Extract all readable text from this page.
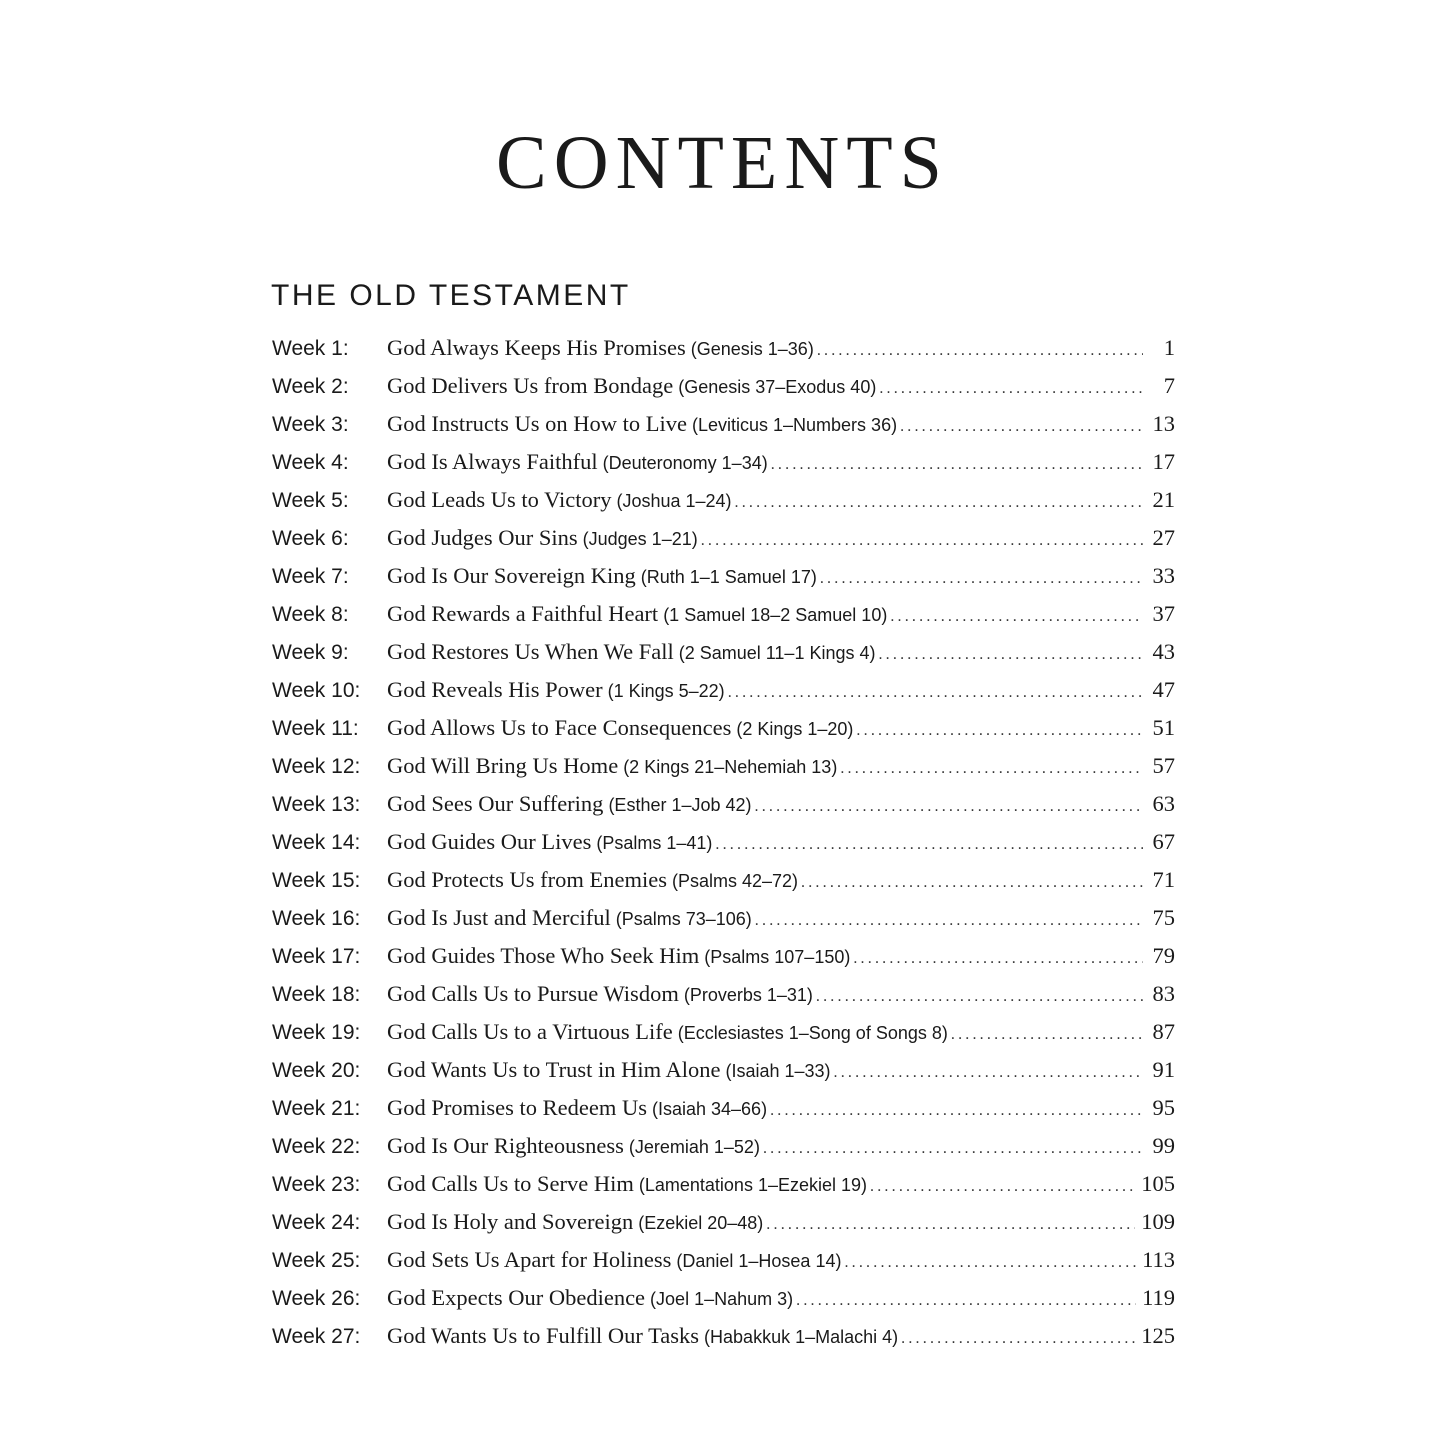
CONTENTS
THE OLD TESTAMENT
Week 1:	God Always Keeps His Promises (Genesis 1–36) .....	1
Week 2:	God Delivers Us from Bondage (Genesis 37–Exodus 40) .....	7
Week 3:	God Instructs Us on How to Live (Leviticus 1–Numbers 36) .....	13
Week 4:	God Is Always Faithful (Deuteronomy 1–34) .....	17
Week 5:	God Leads Us to Victory (Joshua 1–24) .....	21
Week 6:	God Judges Our Sins (Judges 1–21) .....	27
Week 7:	God Is Our Sovereign King (Ruth 1–1 Samuel 17) .....	33
Week 8:	God Rewards a Faithful Heart (1 Samuel 18–2 Samuel 10) .....	37
Week 9:	God Restores Us When We Fall (2 Samuel 11–1 Kings 4) .....	43
Week 10:	God Reveals His Power (1 Kings 5–22) .....	47
Week 11:	God Allows Us to Face Consequences (2 Kings 1–20) .....	51
Week 12:	God Will Bring Us Home (2 Kings 21–Nehemiah 13) .....	57
Week 13:	God Sees Our Suffering (Esther 1–Job 42) .....	63
Week 14:	God Guides Our Lives (Psalms 1–41) .....	67
Week 15:	God Protects Us from Enemies (Psalms 42–72) .....	71
Week 16:	God Is Just and Merciful (Psalms 73–106) .....	75
Week 17:	God Guides Those Who Seek Him (Psalms 107–150) .....	79
Week 18:	God Calls Us to Pursue Wisdom (Proverbs 1–31) .....	83
Week 19:	God Calls Us to a Virtuous Life (Ecclesiastes 1–Song of Songs 8) .....	87
Week 20:	God Wants Us to Trust in Him Alone (Isaiah 1–33) .....	91
Week 21:	God Promises to Redeem Us (Isaiah 34–66) .....	95
Week 22:	God Is Our Righteousness (Jeremiah 1–52) .....	99
Week 23:	God Calls Us to Serve Him (Lamentations 1–Ezekiel 19) .....	105
Week 24:	God Is Holy and Sovereign (Ezekiel 20–48) .....	109
Week 25:	God Sets Us Apart for Holiness (Daniel 1–Hosea 14) .....	113
Week 26:	God Expects Our Obedience (Joel 1–Nahum 3) .....	119
Week 27:	God Wants Us to Fulfill Our Tasks (Habakkuk 1–Malachi 4) .....	125
